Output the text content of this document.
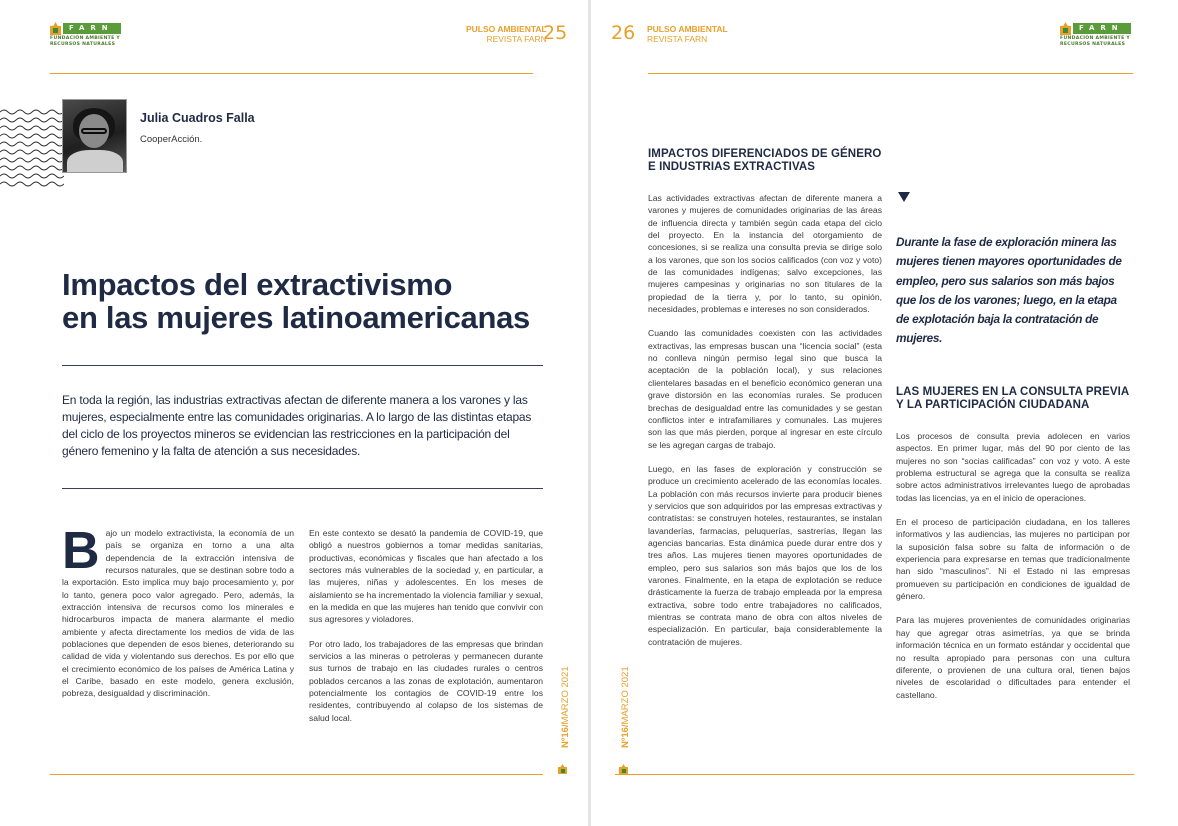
FARN
FUNDACIÓN AMBIENTE Y RECURSOS NATURALES
PULSO AMBIENTAL
REVISTA FARN
25
Julia Cuadros Falla
CooperAcción.
Impactos del extractivismo
en las mujeres latinoamericanas
En toda la región, las industrias extractivas afectan de diferente manera a los varones y las mujeres, especialmente entre las comunidades originarias. A lo largo de las distintas etapas del ciclo de los proyectos mineros se evidencian las restricciones en la participación del género femenino y la falta de atención a sus necesidades.
B ajo un modelo extractivista, la economía de un país se organiza en torno a una alta dependencia de la extracción intensiva de recursos naturales, que se destinan sobre todo a la exportación. Esto implica muy bajo procesamiento y, por lo tanto, genera poco valor agregado. Pero, además, la extracción intensiva de recursos como los minerales e hidrocarburos impacta de manera alarmante el medio ambiente y afecta directamente los medios de vida de las poblaciones que dependen de esos bienes, deteriorando su calidad de vida y violentando sus derechos. Es por ello que el crecimiento económico de los países de América Latina y el Caribe, basado en este modelo, genera exclusión, pobreza, desigualdad y discriminación.

En este contexto se desató la pandemia de COVID-19, que obligó a nuestros gobiernos a tomar medidas sanitarias, productivas, económicas y fiscales que han afectado a los sectores más vulnerables de la sociedad y, en particular, a las mujeres, niñas y adolescentes. En los meses de aislamiento se ha incrementado la violencia familiar y sexual, en la medida en que las mujeres han tenido que convivir con sus agresores y violadores.

Por otro lado, los trabajadores de las empresas que brindan servicios a las mineras o petroleras y permanecen durante sus turnos de trabajo en las ciudades rurales o centros poblados cercanos a las zonas de explotación, aumentaron potencialmente los contagios de COVID-19 entre los residentes, contribuyendo al colapso de los sistemas de salud local.

Nº16/MARZO 2021
26 PULSO AMBIENTAL
REVISTA FARN
FARN
FUNDACIÓN AMBIENTE Y RECURSOS NATURALES
Nº16/MARZO 2021
IMPACTOS DIFERENCIADOS DE GÉNERO
E INDUSTRIAS EXTRACTIVAS

Las actividades extractivas afectan de diferente manera a varones y mujeres de comunidades originarias de las áreas de influencia directa y también según cada etapa del ciclo del proyecto. En la instancia del otorgamiento de concesiones, si se realiza una consulta previa se dirige solo a los varones, que son los socios calificados (con voz y voto) de las comunidades indígenas; salvo excepciones, las mujeres campesinas y originarias no son titulares de la propiedad de la tierra y, por lo tanto, su opinión, necesidades, problemas e intereses no son considerados.

Cuando las comunidades coexisten con las actividades extractivas, las empresas buscan una “licencia social” (esta no conlleva ningún permiso legal sino que busca la aceptación de la población local), y sus relaciones clientelares basadas en el beneficio económico generan una grave distorsión en las economías rurales. Se producen brechas de desigualdad entre las comunidades y se gestan conflictos inter e intrafamiliares y comunales. Las mujeres son las que más pierden, porque al ingresar en este círculo se les agregan cargas de trabajo.

Luego, en las fases de exploración y construcción se produce un crecimiento acelerado de las economías locales. La población con más recursos invierte para producir bienes y servicios que son adquiridos por las empresas extractivas y contratistas: se construyen hoteles, restaurantes, se instalan lavanderías, farmacias, peluquerías, sastrerías, llegan las agencias bancarias. Esta dinámica puede durar entre dos y tres años. Las mujeres tienen mayores oportunidades de empleo, pero sus salarios son más bajos que los de los varones. Finalmente, en la etapa de explotación se reduce drásticamente la fuerza de trabajo empleada por la empresa extractiva, sobre todo entre trabajadores no calificados, mientras se contrata mano de obra con altos niveles de especialización. En particular, baja considerablemente la contratación de mujeres.

Durante la fase de exploración minera las mujeres tienen mayores oportunidades de empleo, pero sus salarios son más bajos que los de los varones; luego, en la etapa de explotación baja la contratación de mujeres.
LAS MUJERES EN LA CONSULTA PREVIA
Y LA PARTICIPACIÓN CIUDADANA

Los procesos de consulta previa adolecen en varios aspectos. En primer lugar, más del 90 por ciento de las mujeres no son “socias calificadas” con voz y voto. A este problema estructural se agrega que la consulta se realiza sobre actos administrativos irrelevantes luego de aprobadas todas las licencias, ya en el inicio de operaciones.

En el proceso de participación ciudadana, en los talleres informativos y las audiencias, las mujeres no participan por la suposición falsa sobre su falta de información o de experiencia para expresarse en temas que tradicionalmente han sido “masculinos”. Ni el Estado ni las empresas promueven su participación en condiciones de igualdad de género.

Para las mujeres provenientes de comunidades originarias hay que agregar otras asimetrías, ya que se brinda información técnica en un formato estándar y occidental que no resulta apropiado para personas con una cultura diferente, o provienen de una cultura oral, tienen bajos niveles de escolaridad o dificultades para entender el castellano.
